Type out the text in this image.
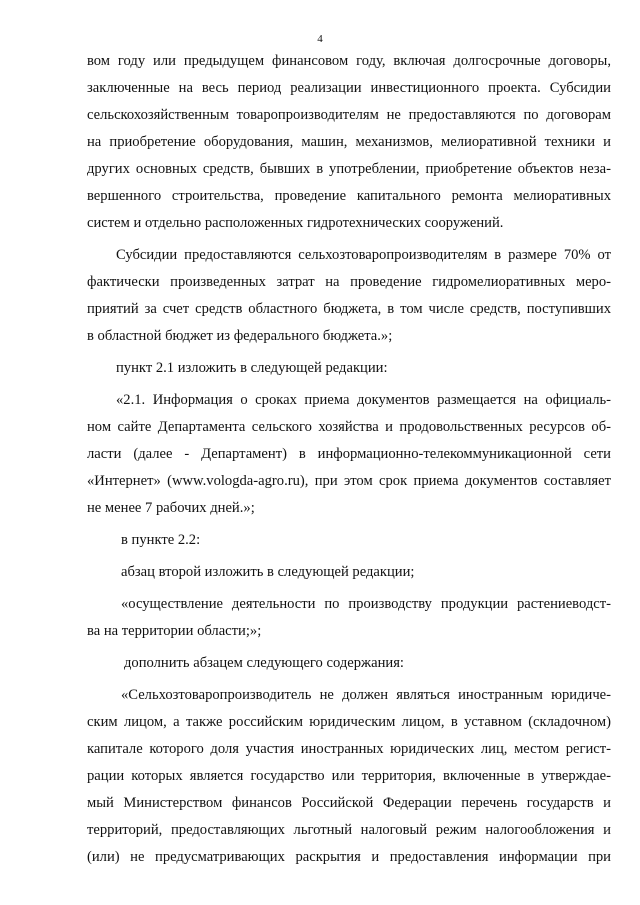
4
вом году или предыдущем финансовом году, включая долгосрочные договоры,
заключенные на весь период реализации инвестиционного проекта. Субсидии
сельскохозяйственным товаропроизводителям не предоставляются по договорам
на приобретение оборудования, машин, механизмов, мелиоративной техники и
других основных средств, бывших в употреблении, приобретение объектов неза-
вершенного строительства, проведение капитального ремонта мелиоративных
систем и отдельно расположенных гидротехнических сооружений.
Субсидии предоставляются сельхозтоваропроизводителям в размере 70% от
фактически произведенных затрат на проведение гидромелиоративных меро-
приятий за счет средств областного бюджета, в том числе средств, поступивших
в областной бюджет из федерального бюджета.»;
пункт 2.1 изложить в следующей редакции:
«2.1. Информация о сроках приема документов размещается на официаль-
ном сайте Департамента сельского хозяйства и продовольственных ресурсов об-
ласти (далее - Департамент) в информационно-телекоммуникационной сети
«Интернет» (www.vologda-agro.ru), при этом срок приема документов составляет
не менее 7 рабочих дней.»;
в пункте 2.2:
абзац второй изложить в следующей редакции;
«осуществление деятельности по производству продукции растениеводст-
ва на территории области;»;
дополнить абзацем следующего содержания:
«Сельхозтоваропроизводитель не должен являться иностранным юридиче-
ским лицом, а также российским юридическим лицом, в уставном (складочном)
капитале которого доля участия иностранных юридических лиц, местом регист-
рации которых является государство или территория, включенные в утверждае-
мый Министерством финансов Российской Федерации перечень государств и
территорий, предоставляющих льготный налоговый режим налогообложения и
(или) не предусматривающих раскрытия и предоставления информации при
